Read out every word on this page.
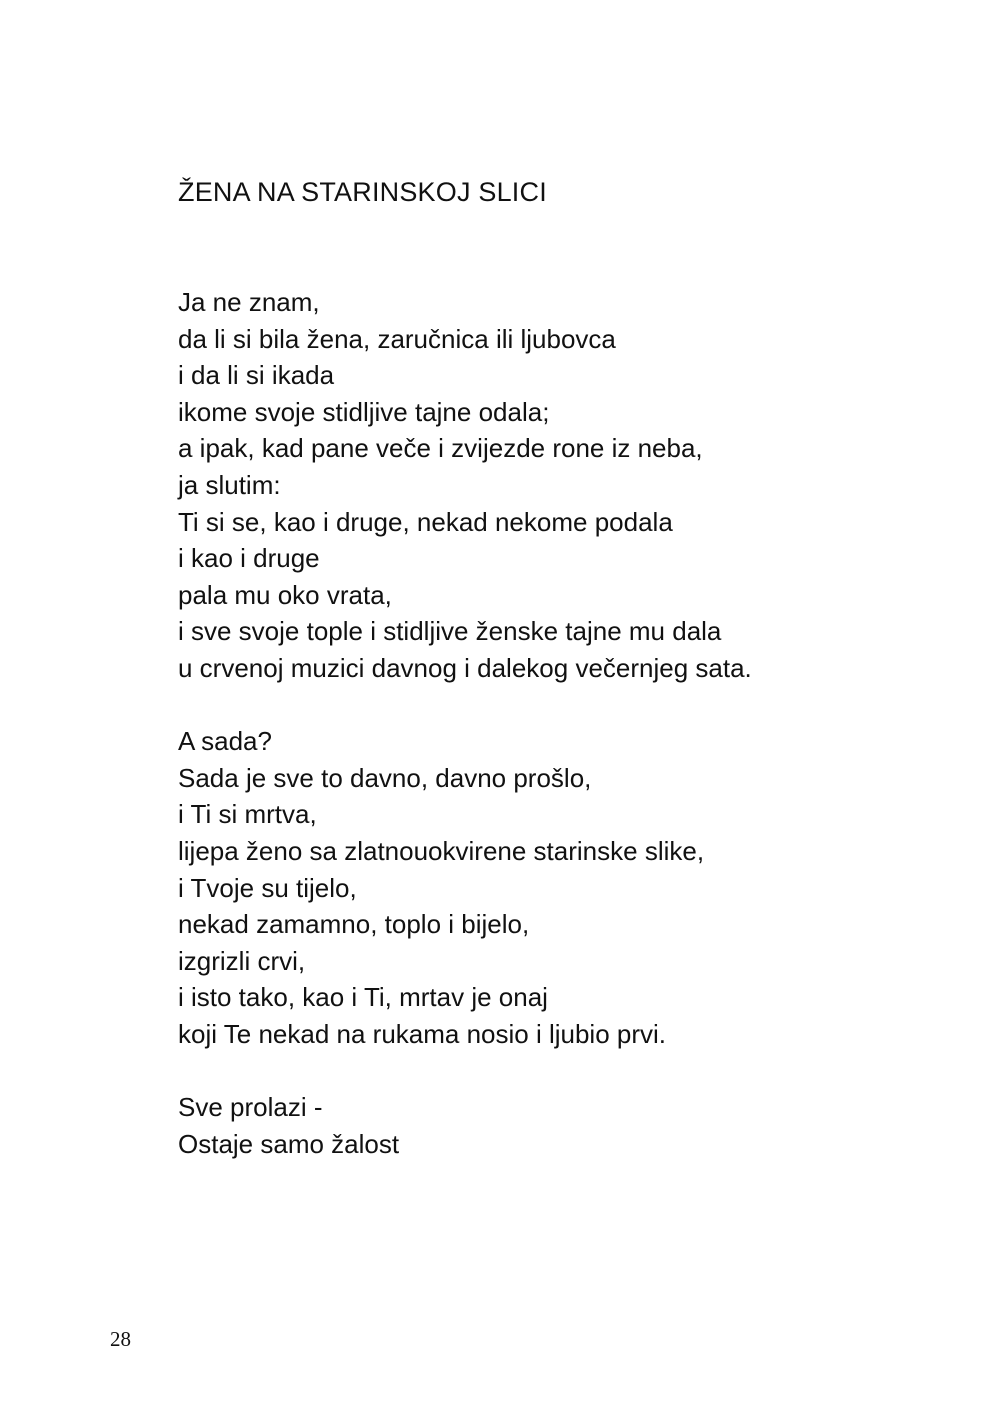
ŽENA NA STARINSKOJ SLICI
Ja ne znam,
da li si bila žena, zaručnica ili ljubovca
i da li si ikada
ikome svoje stidljive tajne odala;
a ipak, kad pane veče i zvijezde rone iz neba,
ja slutim:
Ti si se, kao i druge, nekad nekome podala
i kao i druge
pala mu oko vrata,
i sve svoje tople i stidljive ženske tajne mu dala
u crvenoj muzici davnog i dalekog večernjeg sata.
A sada?
Sada je sve to davno, davno prošlo,
i Ti si mrtva,
lijepa ženo sa zlatnouokvirene starinske slike,
i Tvoje su tijelo,
nekad zamamno, toplo i bijelo,
izgrizli crvi,
i isto tako, kao i Ti, mrtav je onaj
koji Te nekad na rukama nosio i ljubio prvi.
Sve prolazi -
Ostaje samo žalost
28
